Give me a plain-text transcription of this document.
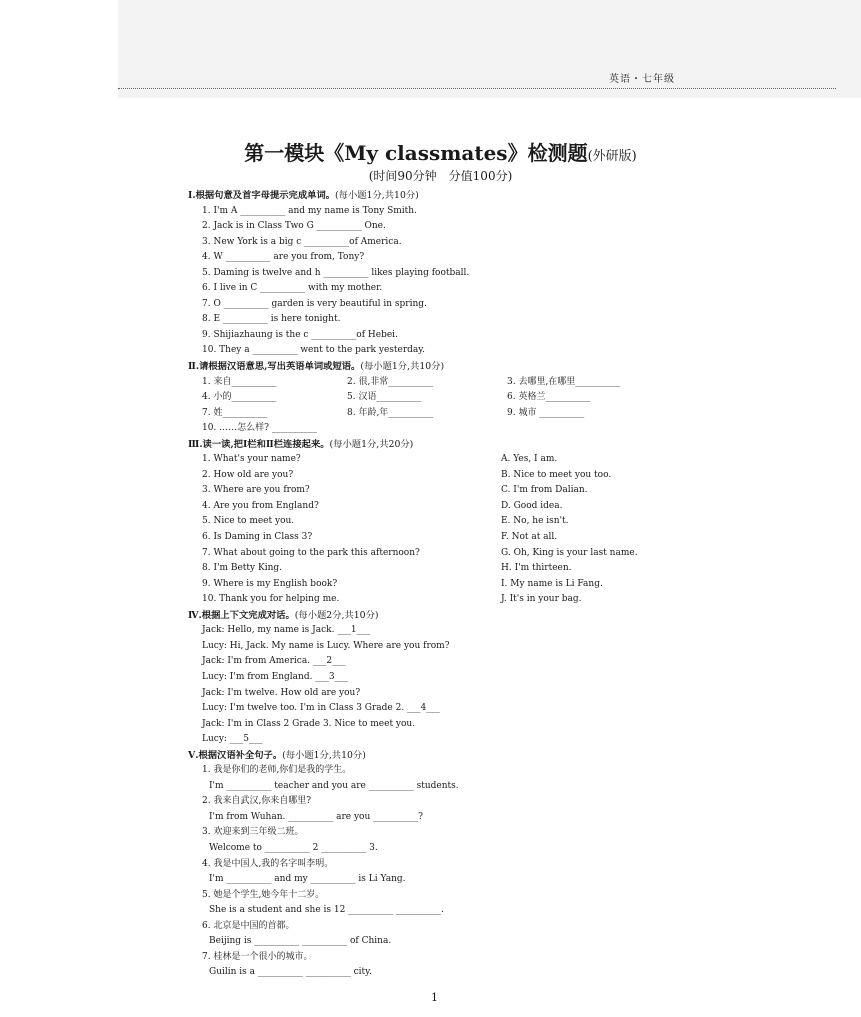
英语・七年级
第一模块《My classmates》检测题(外研版)
(时间90分钟　分值100分)
Ⅰ.根据句意及首字母提示完成单词。(每小题1分,共10分)
1. I'm A __________ and my name is Tony Smith.
2. Jack is in Class Two G __________ One.
3. New York is a big c __________of America.
4. W __________ are you from, Tony?
5. Daming is twelve and h __________ likes playing football.
6. I live in C __________ with my mother.
7. O __________ garden is very beautiful in spring.
8. E __________ is here tonight.
9. Shijiazhaung is the c __________of Hebei.
10. They a __________ went to the park yesterday.
Ⅱ.请根据汉语意思,写出英语单词或短语。(每小题1分,共10分)
1. 来自__________	2. 很,非常__________	3. 去哪里,在哪里__________
4. 小的__________	5. 汉语__________	6. 英格兰__________
7. 姓__________	8. 年龄,年__________	9. 城市 __________
10. ……怎么样? __________
Ⅲ.读一读,把Ⅰ栏和Ⅱ栏连接起来。(每小题1分,共20分)
1. What's your name?	A. Yes, I am.
2. How old are you?	B. Nice to meet you too.
3. Where are you from?	C. I'm from Dalian.
4. Are you from England?	D. Good idea.
5. Nice to meet you.	E. No, he isn't.
6. Is Daming in Class 3?	F. Not at all.
7. What about going to the park this afternoon?	G. Oh, King is your last name.
8. I'm Betty King.	H. I'm thirteen.
9. Where is my English book?	I. My name is Li Fang.
10. Thank you for helping me.	J. It's in your bag.
Ⅳ.根据上下文完成对话。(每小题2分,共10分)
Jack: Hello, my name is Jack. ___1___
Lucy: Hi, Jack. My name is Lucy. Where are you from?
Jack: I'm from America. ___2___
Lucy: I'm from England. ___3___
Jack: I'm twelve. How old are you?
Lucy: I'm twelve too. I'm in Class 3 Grade 2. ___4___
Jack: I'm in Class 2 Grade 3. Nice to meet you.
Lucy: ___5___
Ⅴ.根据汉语补全句子。(每小题1分,共10分)
1. 我是你们的老师,你们是我的学生。
I'm __________ teacher and you are __________ students.
2. 我来自武汉,你来自哪里?
I'm from Wuhan. __________ are you __________?
3. 欢迎来到三年级二班。
Welcome to __________ 2 __________ 3.
4. 我是中国人,我的名字叫李明。
I'm __________ and my __________ is Li Yang.
5. 她是个学生,她今年十二岁。
She is a student and she is 12 __________ __________.
6. 北京是中国的首都。
Beijing is __________ __________ of China.
7. 桂林是一个很小的城市。
Guilin is a __________ __________ city.
1
